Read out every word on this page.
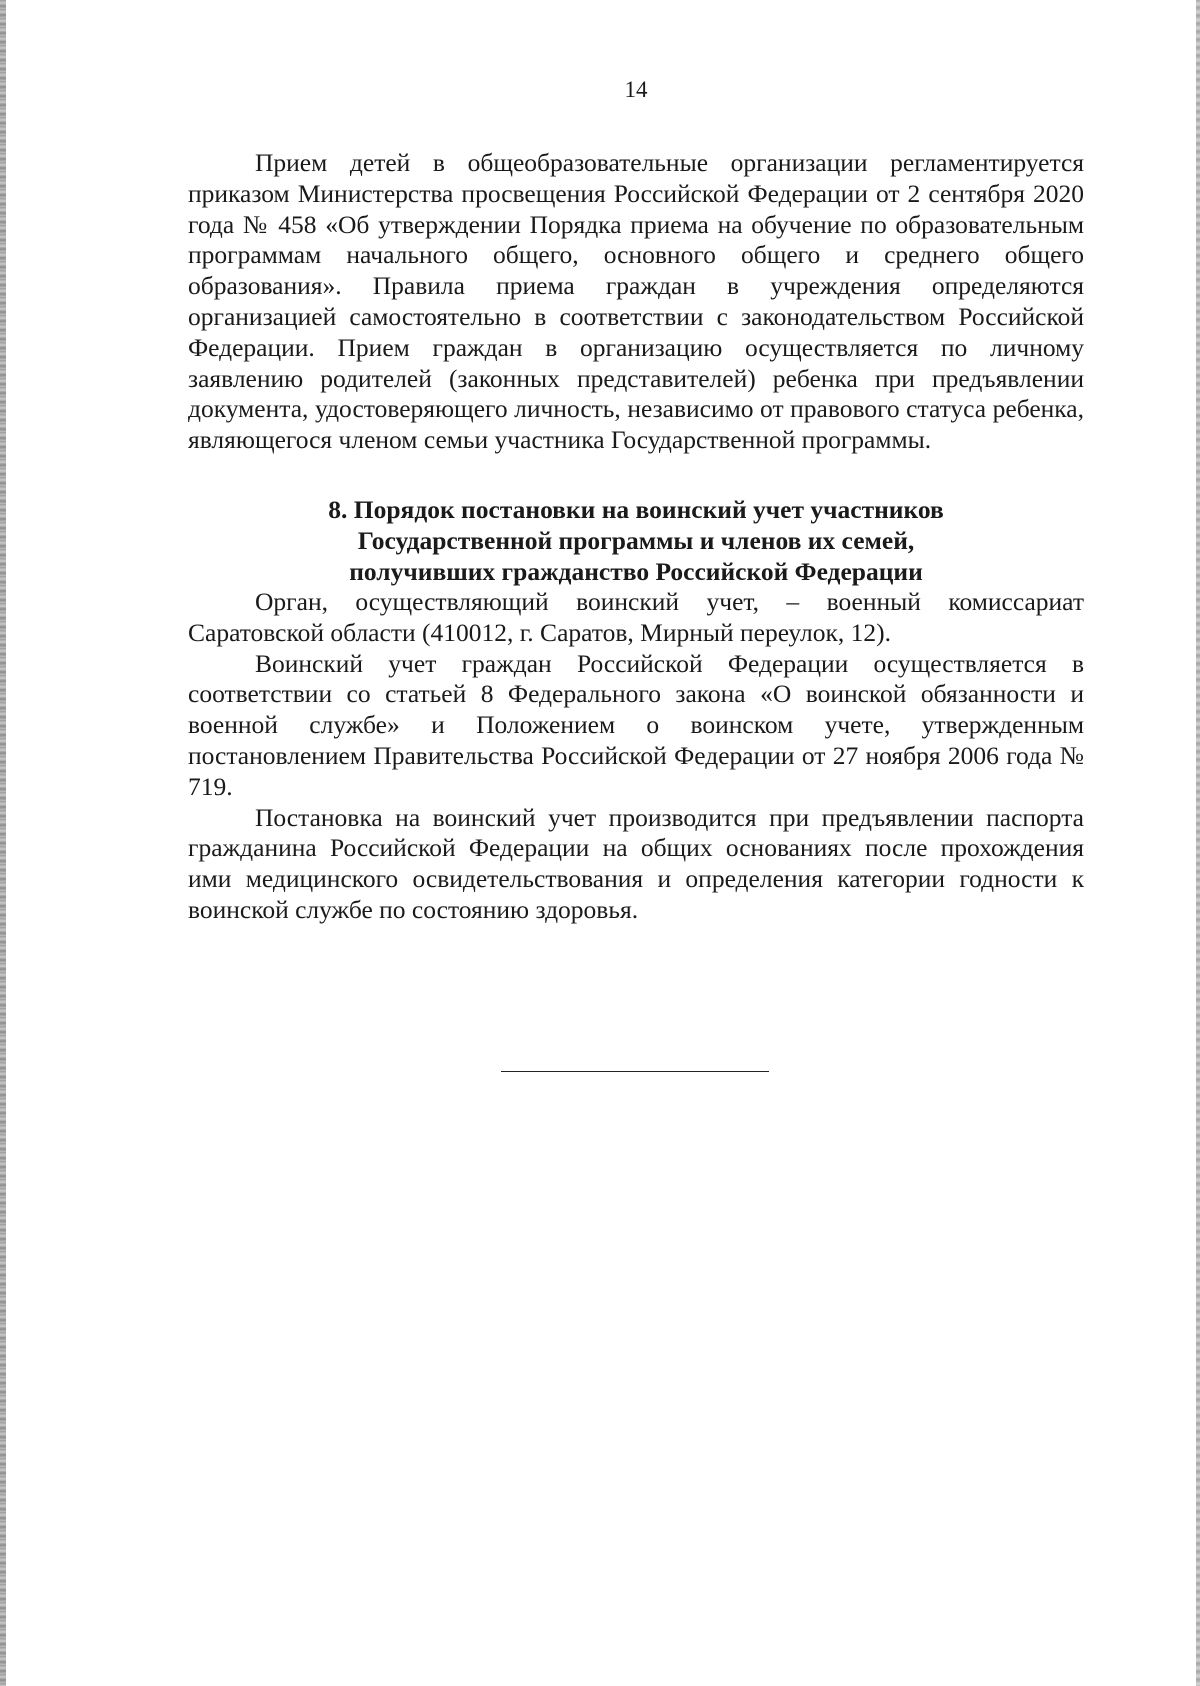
14

Прием детей в общеобразовательные организации регламентируется приказом Министерства просвещения Российской Федерации от 2 сентября 2020 года № 458 «Об утверждении Порядка приема на обучение по образовательным программам начального общего, основного общего и среднего общего образования». Правила приема граждан в учреждения определяются организацией самостоятельно в соответствии с законодательством Российской Федерации. Прием граждан в организацию осуществляется по личному заявлению родителей (законных представителей) ребенка при предъявлении документа, удостоверяющего личность, независимо от правового статуса ребенка, являющегося членом семьи участника Государственной программы.

8. Порядок постановки на воинский учет участников
Государственной программы и членов их семей,
получивших гражданство Российской Федерации

Орган, осуществляющий воинский учет, – военный комиссариат Саратовской области (410012, г. Саратов, Мирный переулок, 12).

Воинский учет граждан Российской Федерации осуществляется в соответствии со статьей 8 Федерального закона «О воинской обязанности и военной службе» и Положением о воинском учете, утвержденным постановлением Правительства Российской Федерации от 27 ноября 2006 года № 719.

Постановка на воинский учет производится при предъявлении паспорта гражданина Российской Федерации на общих основаниях после прохождения ими медицинского освидетельствования и определения категории годности к воинской службе по состоянию здоровья.
